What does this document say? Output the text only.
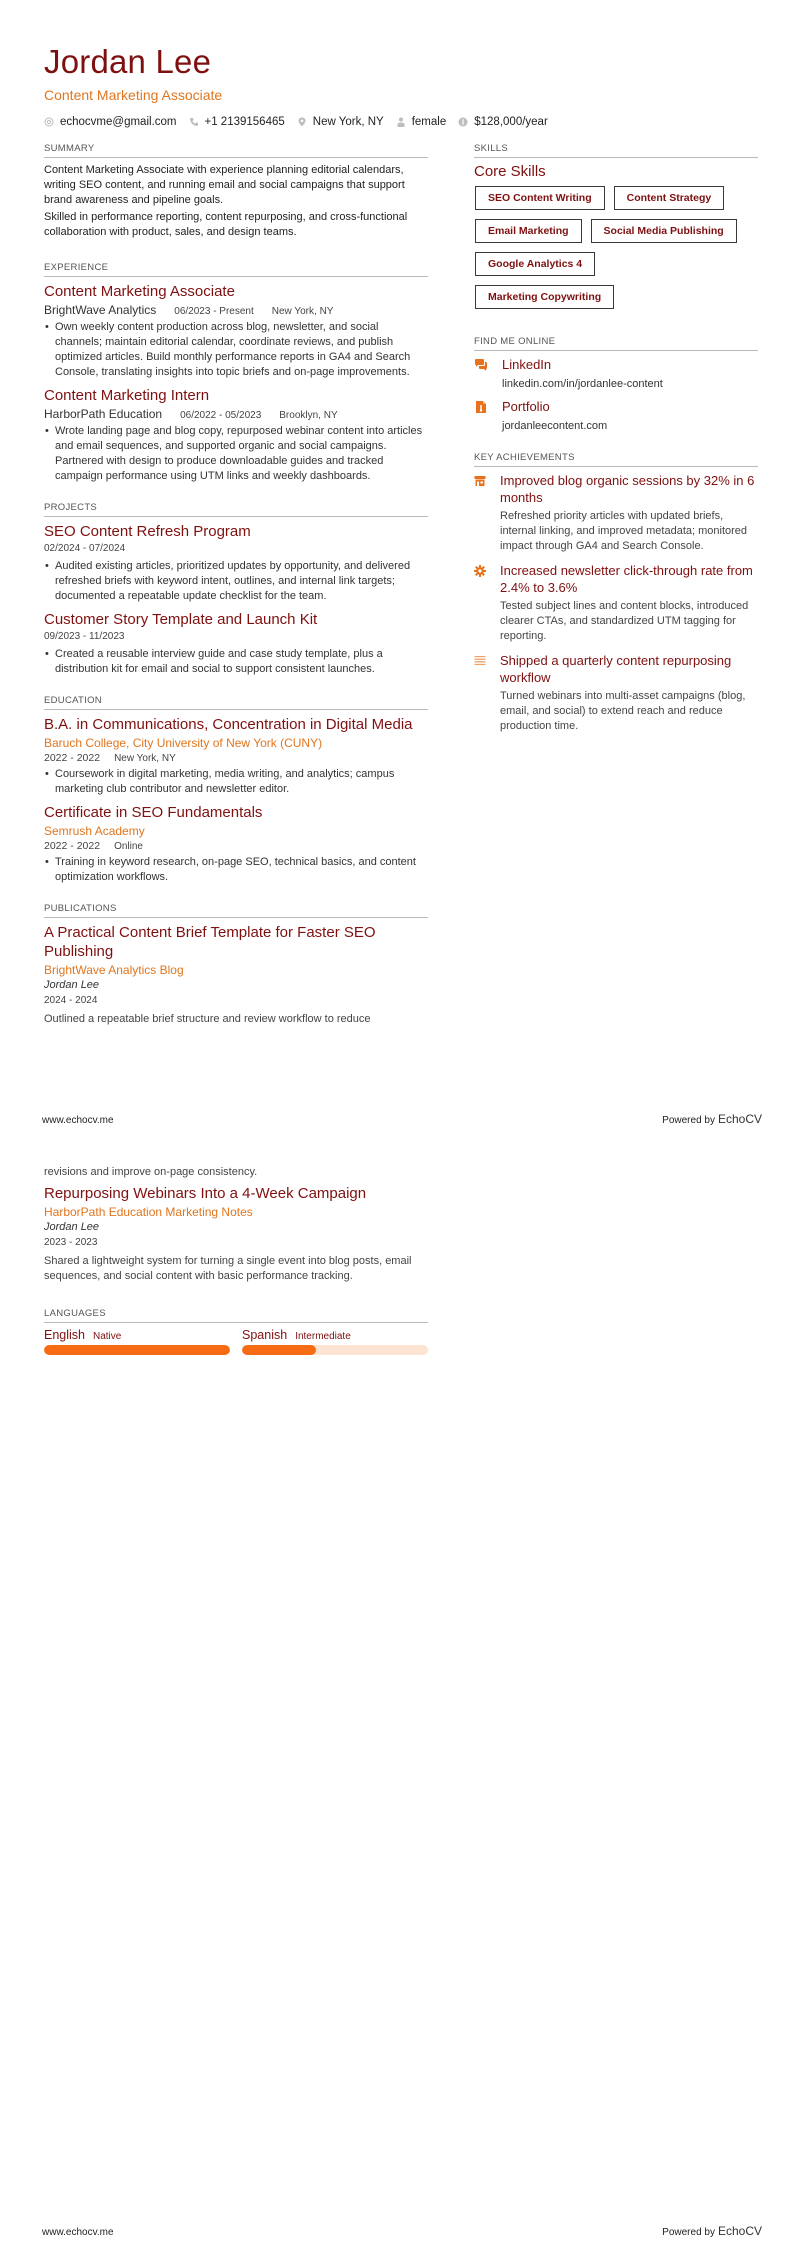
Jordan Lee
Content Marketing Associate
echocvme@gmail.com +1 2139156465 New York, NY female $128,000/year
SUMMARY
Content Marketing Associate with experience planning editorial calendars, writing SEO content, and running email and social campaigns that support brand awareness and pipeline goals.
Skilled in performance reporting, content repurposing, and cross-functional collaboration with product, sales, and design teams.
EXPERIENCE
Content Marketing Associate
BrightWave Analytics 06/2023 - Present New York, NY
• Own weekly content production across blog, newsletter, and social channels; maintain editorial calendar, coordinate reviews, and publish optimized articles. Build monthly performance reports in GA4 and Search Console, translating insights into topic briefs and on-page improvements.
Content Marketing Intern
HarborPath Education 06/2022 - 05/2023 Brooklyn, NY
• Wrote landing page and blog copy, repurposed webinar content into articles and email sequences, and supported organic and social campaigns. Partnered with design to produce downloadable guides and tracked campaign performance using UTM links and weekly dashboards.
PROJECTS
SEO Content Refresh Program
02/2024 - 07/2024
• Audited existing articles, prioritized updates by opportunity, and delivered refreshed briefs with keyword intent, outlines, and internal link targets; documented a repeatable update checklist for the team.
Customer Story Template and Launch Kit
09/2023 - 11/2023
• Created a reusable interview guide and case study template, plus a distribution kit for email and social to support consistent launches.
EDUCATION
B.A. in Communications, Concentration in Digital Media
Baruch College, City University of New York (CUNY)
2022 - 2022 New York, NY
• Coursework in digital marketing, media writing, and analytics; campus marketing club contributor and newsletter editor.
Certificate in SEO Fundamentals
Semrush Academy
2022 - 2022 Online
• Training in keyword research, on-page SEO, technical basics, and content optimization workflows.
PUBLICATIONS
A Practical Content Brief Template for Faster SEO Publishing
BrightWave Analytics Blog
Jordan Lee
2024 - 2024
Outlined a repeatable brief structure and review workflow to reduce
SKILLS
Core Skills
SEO Content Writing	Content Strategy
Email Marketing	Social Media Publishing
Google Analytics 4
Marketing Copywriting
FIND ME ONLINE
LinkedIn
linkedin.com/in/jordanlee-content
Portfolio
jordanleecontent.com
KEY ACHIEVEMENTS
Improved blog organic sessions by 32% in 6 months
Refreshed priority articles with updated briefs, internal linking, and improved metadata; monitored impact through GA4 and Search Console.
Increased newsletter click-through rate from 2.4% to 3.6%
Tested subject lines and content blocks, introduced clearer CTAs, and standardized UTM tagging for reporting.
Shipped a quarterly content repurposing workflow
Turned webinars into multi-asset campaigns (blog, email, and social) to extend reach and reduce production time.
www.echocv.me	Powered by EchoCV
revisions and improve on-page consistency.
Repurposing Webinars Into a 4-Week Campaign
HarborPath Education Marketing Notes
Jordan Lee
2023 - 2023
Shared a lightweight system for turning a single event into blog posts, email sequences, and social content with basic performance tracking.
LANGUAGES
English Native	Spanish Intermediate
www.echocv.me	Powered by EchoCV
